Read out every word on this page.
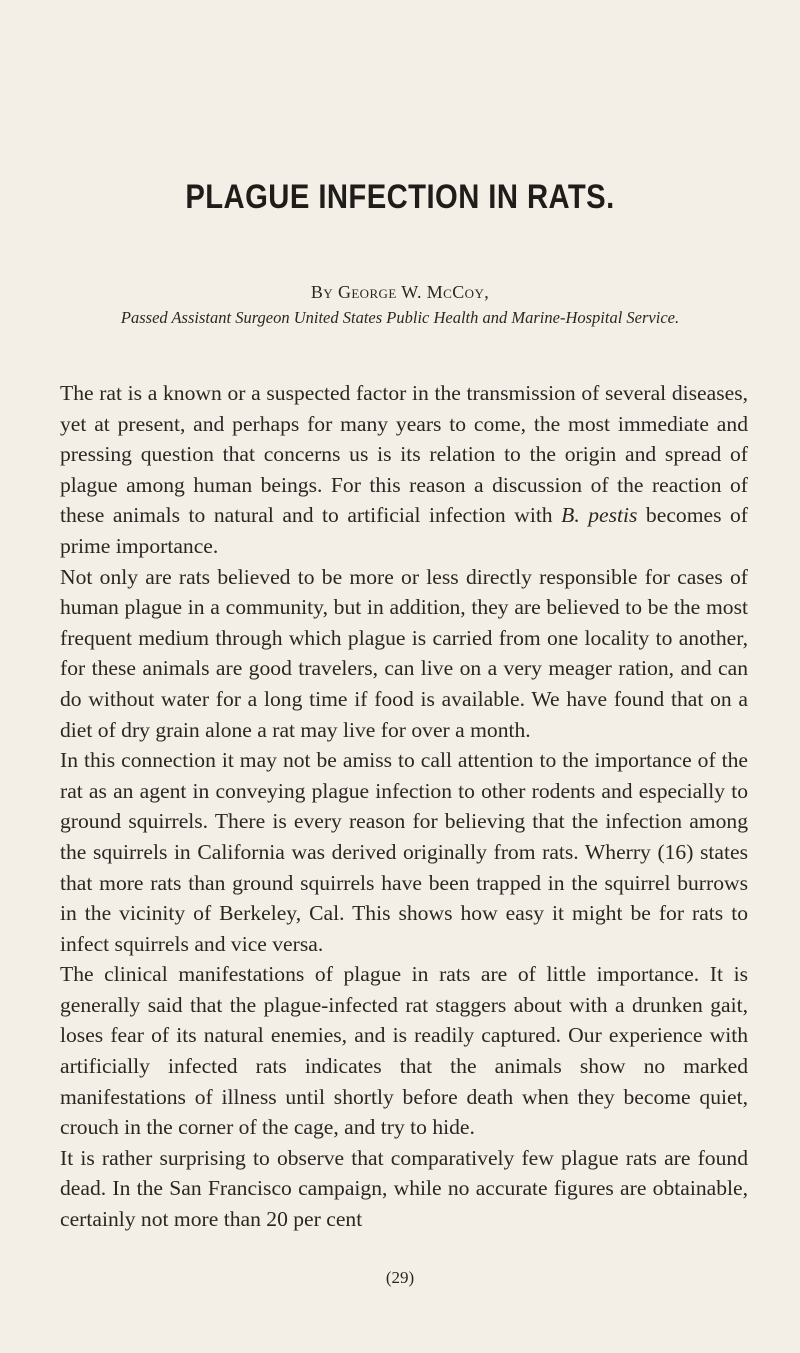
PLAGUE INFECTION IN RATS.

By George W. McCoy,

Passed Assistant Surgeon United States Public Health and Marine-Hospital Service.

The rat is a known or a suspected factor in the transmission of several diseases, yet at present, and perhaps for many years to come, the most immediate and pressing question that concerns us is its relation to the origin and spread of plague among human beings. For this reason a discussion of the reaction of these animals to natural and to artificial infection with B. pestis becomes of prime importance.

Not only are rats believed to be more or less directly responsible for cases of human plague in a community, but in addition, they are believed to be the most frequent medium through which plague is carried from one locality to another, for these animals are good travelers, can live on a very meager ration, and can do without water for a long time if food is available. We have found that on a diet of dry grain alone a rat may live for over a month.

In this connection it may not be amiss to call attention to the importance of the rat as an agent in conveying plague infection to other rodents and especially to ground squirrels. There is every reason for believing that the infection among the squirrels in California was derived originally from rats. Wherry (16) states that more rats than ground squirrels have been trapped in the squirrel burrows in the vicinity of Berkeley, Cal. This shows how easy it might be for rats to infect squirrels and vice versa.

The clinical manifestations of plague in rats are of little importance. It is generally said that the plague-infected rat staggers about with a drunken gait, loses fear of its natural enemies, and is readily captured. Our experience with artificially infected rats indicates that the animals show no marked manifestations of illness until shortly before death when they become quiet, crouch in the corner of the cage, and try to hide.

It is rather surprising to observe that comparatively few plague rats are found dead. In the San Francisco campaign, while no accurate figures are obtainable, certainly not more than 20 per cent

(29)
